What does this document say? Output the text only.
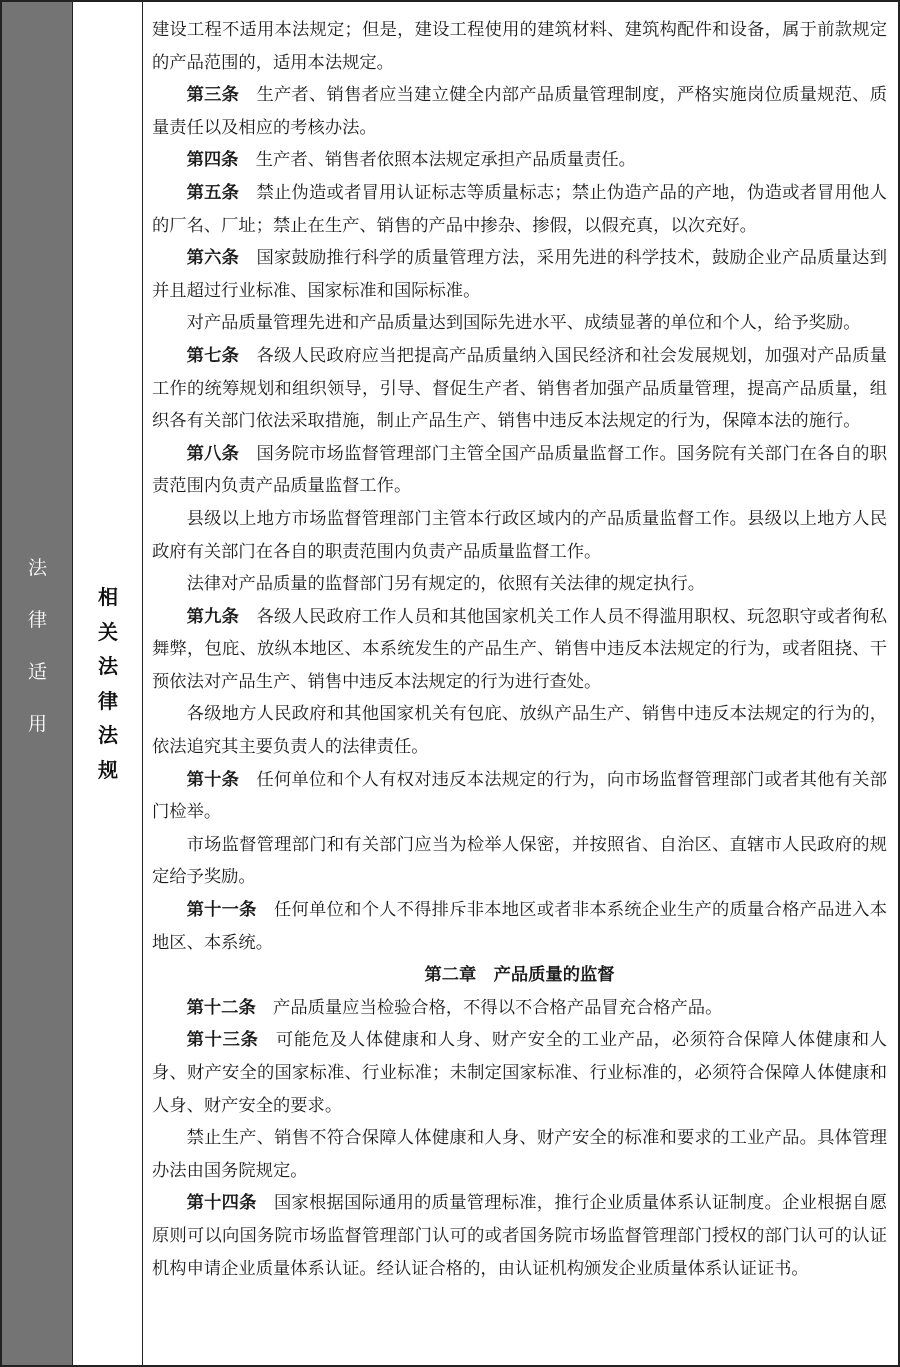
法
律
适
用
相
关
法
律
法
规

建设工程不适用本法规定；但是，建设工程使用的建筑材料、建筑构配件和设备，属于前款规定的产品范围的，适用本法规定。

第三条 生产者、销售者应当建立健全内部产品质量管理制度，严格实施岗位质量规范、质量责任以及相应的考核办法。

第四条 生产者、销售者依照本法规定承担产品质量责任。

第五条 禁止伪造或者冒用认证标志等质量标志；禁止伪造产品的产地，伪造或者冒用他人的厂名、厂址；禁止在生产、销售的产品中掺杂、掺假，以假充真，以次充好。

第六条 国家鼓励推行科学的质量管理方法，采用先进的科学技术，鼓励企业产品质量达到并且超过行业标准、国家标准和国际标准。

对产品质量管理先进和产品质量达到国际先进水平、成绩显著的单位和个人，给予奖励。

第七条 各级人民政府应当把提高产品质量纳入国民经济和社会发展规划，加强对产品质量工作的统筹规划和组织领导，引导、督促生产者、销售者加强产品质量管理，提高产品质量，组织各有关部门依法采取措施，制止产品生产、销售中违反本法规定的行为，保障本法的施行。

第八条 国务院市场监督管理部门主管全国产品质量监督工作。国务院有关部门在各自的职责范围内负责产品质量监督工作。

县级以上地方市场监督管理部门主管本行政区域内的产品质量监督工作。县级以上地方人民政府有关部门在各自的职责范围内负责产品质量监督工作。

法律对产品质量的监督部门另有规定的，依照有关法律的规定执行。

第九条 各级人民政府工作人员和其他国家机关工作人员不得滥用职权、玩忽职守或者徇私舞弊，包庇、放纵本地区、本系统发生的产品生产、销售中违反本法规定的行为，或者阻挠、干预依法对产品生产、销售中违反本法规定的行为进行查处。

各级地方人民政府和其他国家机关有包庇、放纵产品生产、销售中违反本法规定的行为的，依法追究其主要负责人的法律责任。

第十条 任何单位和个人有权对违反本法规定的行为，向市场监督管理部门或者其他有关部门检举。

市场监督管理部门和有关部门应当为检举人保密，并按照省、自治区、直辖市人民政府的规定给予奖励。

第十一条 任何单位和个人不得排斥非本地区或者非本系统企业生产的质量合格产品进入本地区、本系统。

第二章　产品质量的监督

第十二条 产品质量应当检验合格，不得以不合格产品冒充合格产品。

第十三条 可能危及人体健康和人身、财产安全的工业产品，必须符合保障人体健康和人身、财产安全的国家标准、行业标准；未制定国家标准、行业标准的，必须符合保障人体健康和人身、财产安全的要求。

禁止生产、销售不符合保障人体健康和人身、财产安全的标准和要求的工业产品。具体管理办法由国务院规定。

第十四条 国家根据国际通用的质量管理标准，推行企业质量体系认证制度。企业根据自愿原则可以向国务院市场监督管理部门认可的或者国务院市场监督管理部门授权的部门认可的认证机构申请企业质量体系认证。经认证合格的，由认证机构颁发企业质量体系认证证书。
